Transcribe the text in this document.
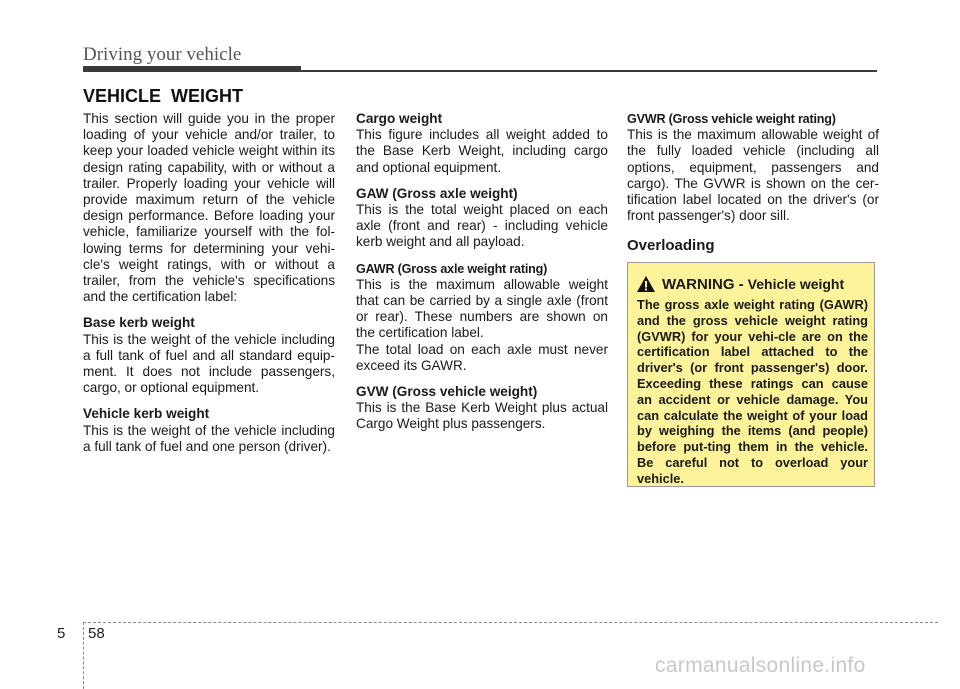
Driving your vehicle
VEHICLE  WEIGHT

This section will guide you in the proper loading of your vehicle and/or trailer, to keep your loaded vehicle weight within its design rating capability, with or without a trailer. Properly loading your vehicle will provide maximum return of the vehicle design performance. Before loading your vehicle, familiarize yourself with the fol-lowing terms for determining your vehi-cle's weight ratings, with or without a trailer, from the vehicle's specifications and the certification label:

Base kerb weight

This is the weight of the vehicle including a full tank of fuel and all standard equip-ment. It does not include passengers, cargo, or optional equipment.

Vehicle kerb weight

This is the weight of the vehicle including a full tank of fuel and one person (driver).

Cargo weight

This figure includes all weight added to the Base Kerb Weight, including cargo and optional equipment.

GAW (Gross axle weight)

This is the total weight placed on each axle (front and rear) - including vehicle kerb weight and all payload.

GAWR (Gross axle weight rating)

This is the maximum allowable weight that can be carried by a single axle (front or rear). These numbers are shown on the certification label.

The total load on each axle must never exceed its GAWR.

GVW (Gross vehicle weight)

This is the Base Kerb Weight plus actual Cargo Weight plus passengers.

GVWR (Gross vehicle weight rating)

This is the maximum allowable weight of the fully loaded vehicle (including all options, equipment, passengers and cargo). The GVWR is shown on the cer-tification label located on the driver's (or front passenger's) door sill.

Overloading

WARNING - Vehicle weight

The gross axle weight rating (GAWR) and the gross vehicle weight rating (GVWR) for your vehi-cle are on the certification label attached to the driver's (or front passenger's) door. Exceeding these ratings can cause an accident or vehicle damage. You can calculate the weight of your load by weighing the items (and people) before put-ting them in the vehicle. Be careful not to overload your vehicle.

5 58
carmanualsonline.info
